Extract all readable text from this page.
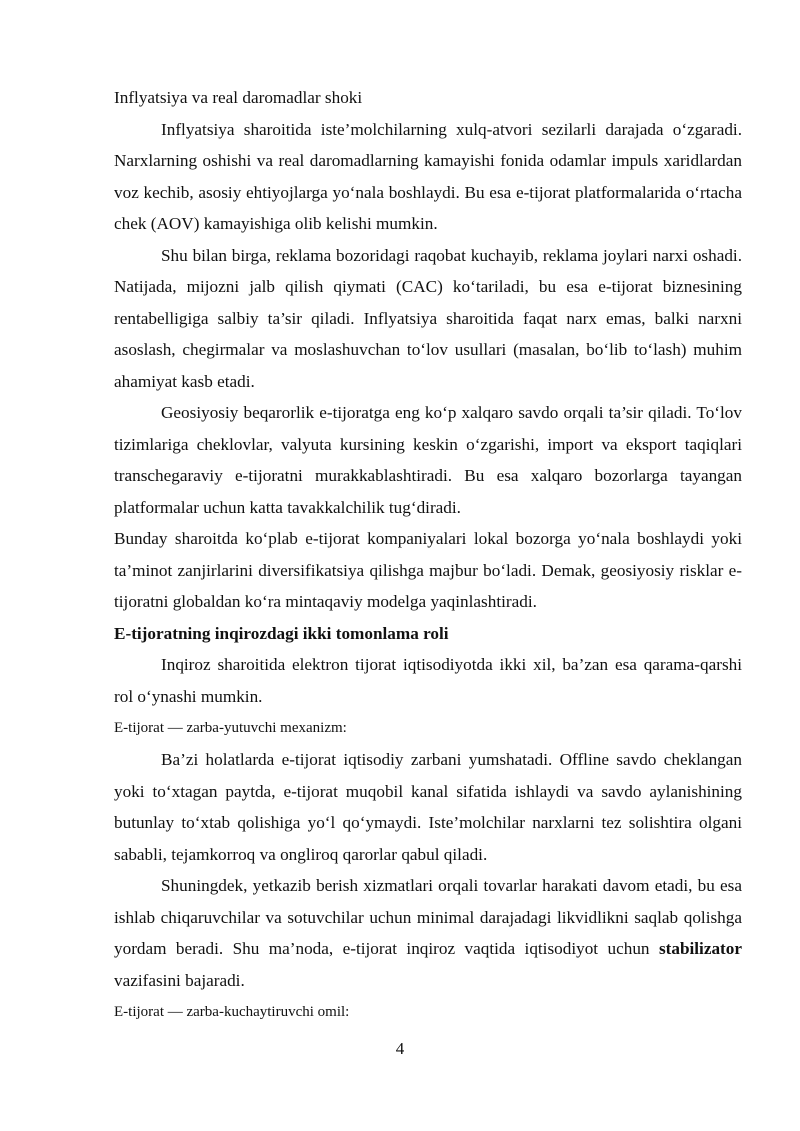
Inflyatsiya va real daromadlar shoki

Inflyatsiya sharoitida iste’molchilarning xulq-atvori sezilarli darajada o‘zgaradi. Narxlarning oshishi va real daromadlarning kamayishi fonida odamlar impuls xaridlardan voz kechib, asosiy ehtiyojlarga yo‘nala boshlaydi. Bu esa e-tijorat platformalarida o‘rtacha chek (AOV) kamayishiga olib kelishi mumkin.

Shu bilan birga, reklama bozoridagi raqobat kuchayib, reklama joylari narxi oshadi. Natijada, mijozni jalb qilish qiymati (CAC) ko‘tariladi, bu esa e-tijorat biznesining rentabelligiga salbiy ta’sir qiladi. Inflyatsiya sharoitida faqat narx emas, balki narxni asoslash, chegirmalar va moslashuvchan to‘lov usullari (masalan, bo‘lib to‘lash) muhim ahamiyat kasb etadi.

Geosiyosiy beqarorlik e-tijoratga eng ko‘p xalqaro savdo orqali ta’sir qiladi. To‘lov tizimlariga cheklovlar, valyuta kursining keskin o‘zgarishi, import va eksport taqiqlari transchegaraviy e-tijoratni murakkablashtiradi. Bu esa xalqaro bozorlarga tayangan platformalar uchun katta tavakkalchilik tug‘diradi.

Bunday sharoitda ko‘plab e-tijorat kompaniyalari lokal bozorga yo‘nala boshlaydi yoki ta’minot zanjirlarini diversifikatsiya qilishga majbur bo‘ladi. Demak, geosiyosiy risklar e-tijoratni globaldan ko‘ra mintaqaviy modelga yaqinlashtiradi.

E-tijoratning inqirozdagi ikki tomonlama roli

Inqiroz sharoitida elektron tijorat iqtisodiyotda ikki xil, ba’zan esa qarama-qarshi rol o‘ynashi mumkin.

E-tijorat — zarba-yutuvchi mexanizm:

Ba’zi holatlarda e-tijorat iqtisodiy zarbani yumshatadi. Offline savdo cheklangan yoki to‘xtagan paytda, e-tijorat muqobil kanal sifatida ishlaydi va savdo aylanishining butunlay to‘xtab qolishiga yo‘l qo‘ymaydi. Iste’molchilar narxlarni tez solishtira olgani sababli, tejamkorroq va ongliroq qarorlar qabul qiladi.

Shuningdek, yetkazib berish xizmatlari orqali tovarlar harakati davom etadi, bu esa ishlab chiqaruvchilar va sotuvchilar uchun minimal darajadagi likvidlikni saqlab qolishga yordam beradi. Shu ma’noda, e-tijorat inqiroz vaqtida iqtisodiyot uchun stabilizator vazifasini bajaradi.

E-tijorat — zarba-kuchaytiruvchi omil:

4
